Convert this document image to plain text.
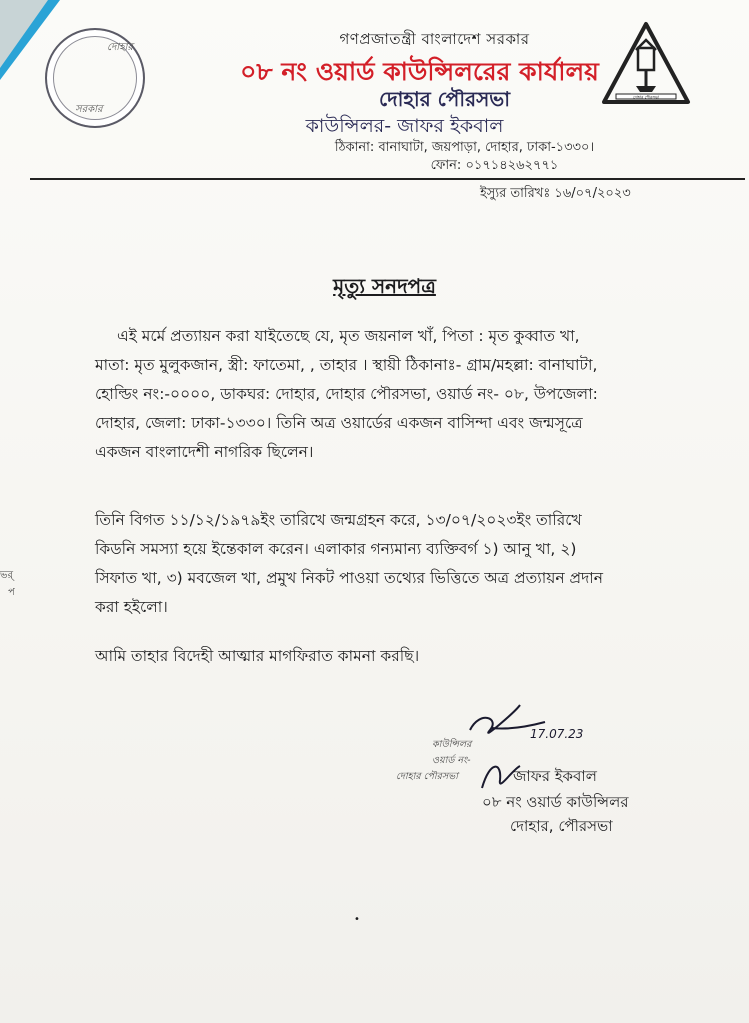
দোহার
সরকার
দোহার পৌরসভা
গণপ্রজাতন্ত্রী বাংলাদেশ সরকার
০৮ নং ওয়ার্ড কাউন্সিলরের কার্যালয়
দোহার পৌরসভা
কাউন্সিলর- জাফর ইকবাল
ঠিকানা: বানাঘাটা, জয়পাড়া, দোহার, ঢাকা-১৩৩০।
ফোন: ০১৭১৪২৬২৭৭১
ইস্যুর তারিখঃ ১৬/০৭/২০২৩
মৃত্যু সনদপত্র
এই মর্মে প্রত্যায়ন করা যাইতেছে যে, মৃত জয়নাল খাঁ, পিতা : মৃত কুব্বাত খা,
মাতা: মৃত মুলুকজান, স্ত্রী: ফাতেমা, , তাহার । স্থায়ী ঠিকানাঃ- গ্রাম/মহল্লা: বানাঘাটা,
হোল্ডিং নং:-০০০০, ডাকঘর: দোহার, দোহার পৌরসভা, ওয়ার্ড নং- ০৮, উপজেলা:
দোহার, জেলা: ঢাকা-১৩৩০। তিনি অত্র ওয়ার্ডের একজন বাসিন্দা এবং জন্মসূত্রে
একজন বাংলাদেশী নাগরিক ছিলেন।
তিনি বিগত ১১/১২/১৯৭৯ইং তারিখে জন্মগ্রহন করে, ১৩/০৭/২০২৩ইং তারিখে
কিডনি সমস্যা হয়ে ইন্তেকাল করেন। এলাকার গন্যমান্য ব্যক্তিবর্গ ১) আনু খা, ২)
সিফাত খা, ৩) মবজেল খা, প্রমুখ নিকট পাওয়া তথ্যের ভিত্তিতে অত্র প্রত্যায়ন প্রদান
করা হইলো।
আমি তাহার বিদেহী আত্মার মাগফিরাত কামনা করছি।
17.07.23
কাউন্সিলর
ওয়ার্ড নং-
দোহার পৌরসভা	জাফর ইকবাল
০৮ নং ওয়ার্ড কাউন্সিলর
দোহার, পৌরসভা
ভর্
প
•
